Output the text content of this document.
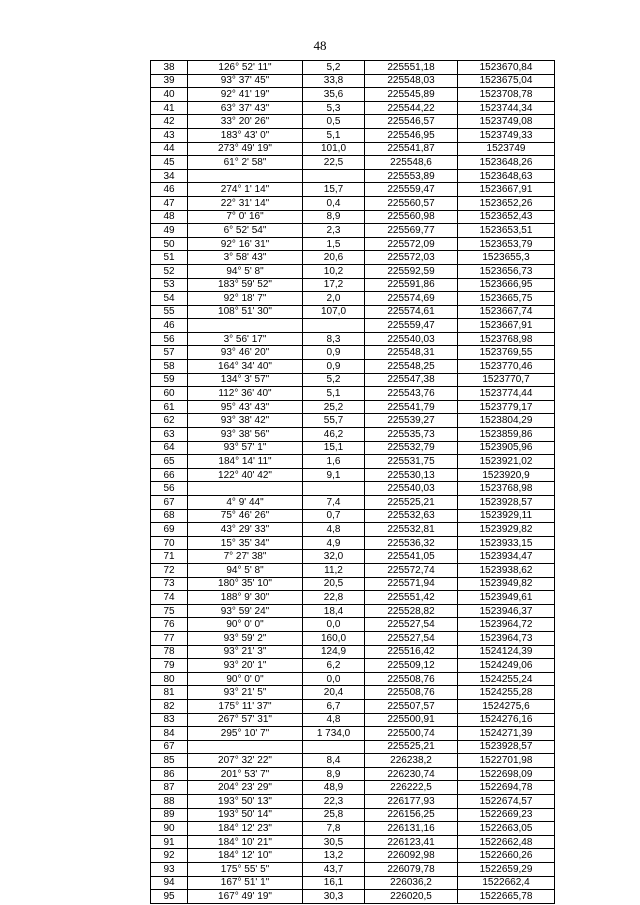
48
38	126° 52' 11"	5,2	225551,18	1523670,84
39	93° 37' 45"	33,8	225548,03	1523675,04
40	92° 41' 19"	35,6	225545,89	1523708,78
41	63° 37' 43"	5,3	225544,22	1523744,34
42	33° 20' 26"	0,5	225546,57	1523749,08
43	183° 43' 0"	5,1	225546,95	1523749,33
44	273° 49' 19"	101,0	225541,87	1523749
45	61° 2' 58"	22,5	225548,6	1523648,26
34			225553,89	1523648,63
46	274° 1' 14"	15,7	225559,47	1523667,91
47	22° 31' 14"	0,4	225560,57	1523652,26
48	7° 0' 16"	8,9	225560,98	1523652,43
49	6° 52' 54"	2,3	225569,77	1523653,51
50	92° 16' 31"	1,5	225572,09	1523653,79
51	3° 58' 43"	20,6	225572,03	1523655,3
52	94° 5' 8"	10,2	225592,59	1523656,73
53	183° 59' 52"	17,2	225591,86	1523666,95
54	92° 18' 7"	2,0	225574,69	1523665,75
55	108° 51' 30"	107,0	225574,61	1523667,74
46			225559,47	1523667,91
56	3° 56' 17"	8,3	225540,03	1523768,98
57	93° 46' 20"	0,9	225548,31	1523769,55
58	164° 34' 40"	0,9	225548,25	1523770,46
59	134° 3' 57"	5,2	225547,38	1523770,7
60	112° 36' 40"	5,1	225543,76	1523774,44
61	95° 43' 43"	25,2	225541,79	1523779,17
62	93° 38' 42"	55,7	225539,27	1523804,29
63	93° 38' 56"	46,2	225535,73	1523859,86
64	93° 57' 1"	15,1	225532,79	1523905,96
65	184° 14' 11"	1,6	225531,75	1523921,02
66	122° 40' 42"	9,1	225530,13	1523920,9
56			225540,03	1523768,98
67	4° 9' 44"	7,4	225525,21	1523928,57
68	75° 46' 26"	0,7	225532,63	1523929,11
69	43° 29' 33"	4,8	225532,81	1523929,82
70	15° 35' 34"	4,9	225536,32	1523933,15
71	7° 27' 38"	32,0	225541,05	1523934,47
72	94° 5' 8"	11,2	225572,74	1523938,62
73	180° 35' 10"	20,5	225571,94	1523949,82
74	188° 9' 30"	22,8	225551,42	1523949,61
75	93° 59' 24"	18,4	225528,82	1523946,37
76	90° 0' 0"	0,0	225527,54	1523964,72
77	93° 59' 2"	160,0	225527,54	1523964,73
78	93° 21' 3"	124,9	225516,42	1524124,39
79	93° 20' 1"	6,2	225509,12	1524249,06
80	90° 0' 0"	0,0	225508,76	1524255,24
81	93° 21' 5"	20,4	225508,76	1524255,28
82	175° 11' 37"	6,7	225507,57	1524275,6
83	267° 57' 31"	4,8	225500,91	1524276,16
84	295° 10' 7"	1 734,0	225500,74	1524271,39
67			225525,21	1523928,57
85	207° 32' 22"	8,4	226238,2	1522701,98
86	201° 53' 7"	8,9	226230,74	1522698,09
87	204° 23' 29"	48,9	226222,5	1522694,78
88	193° 50' 13"	22,3	226177,93	1522674,57
89	193° 50' 14"	25,8	226156,25	1522669,23
90	184° 12' 23"	7,8	226131,16	1522663,05
91	184° 10' 21"	30,5	226123,41	1522662,48
92	184° 12' 10"	13,2	226092,98	1522660,26
93	175° 55' 5"	43,7	226079,78	1522659,29
94	167° 51' 1"	16,1	226036,2	1522662,4
95	167° 49' 19"	30,3	226020,5	1522665,78
